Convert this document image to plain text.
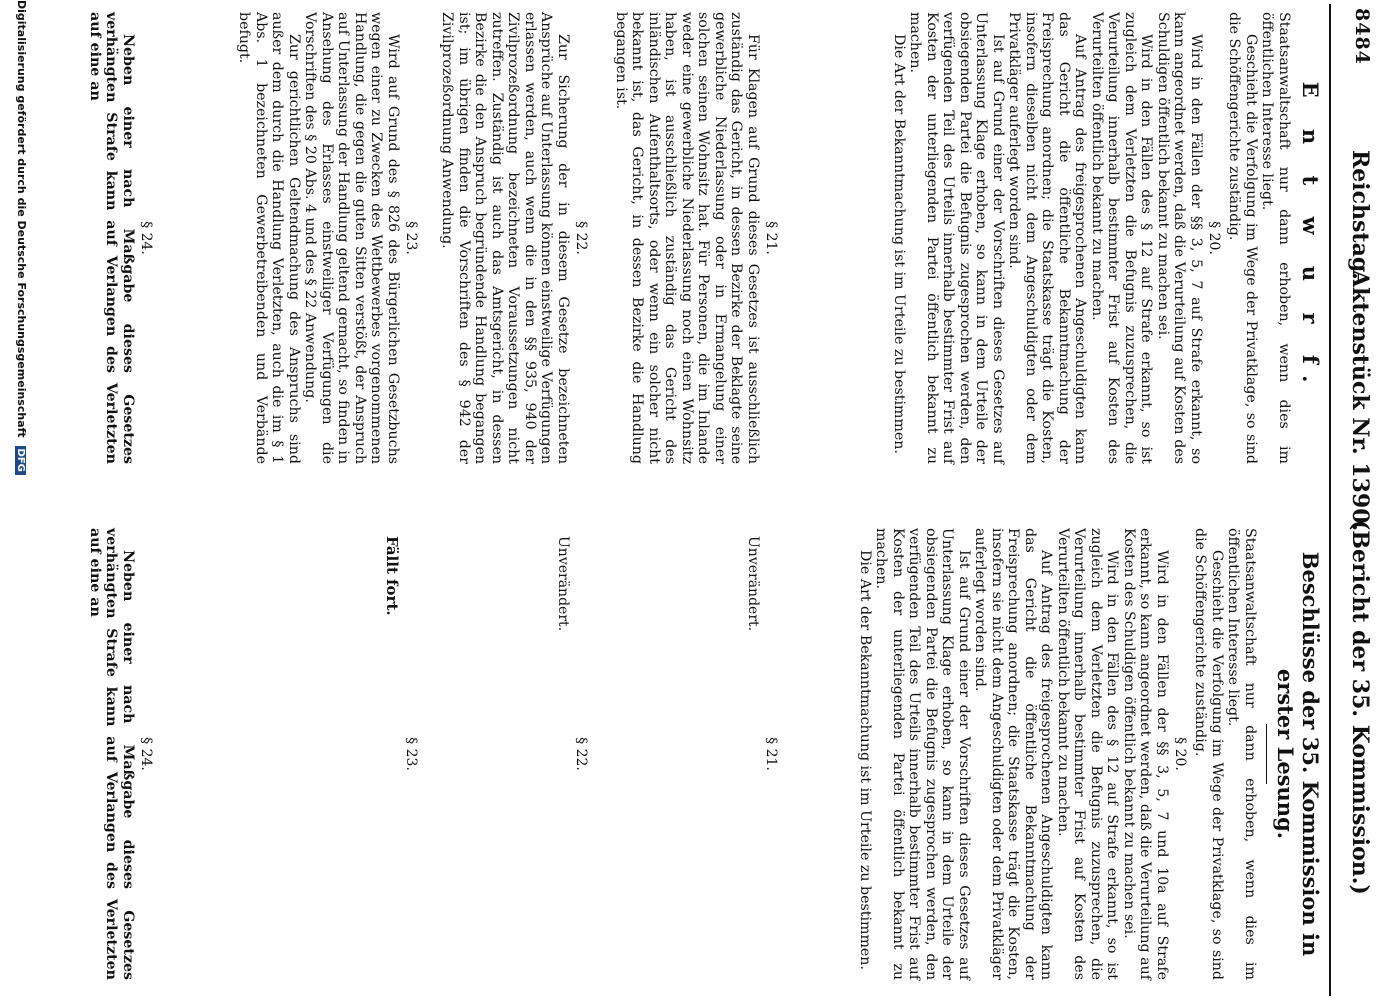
8484
Reichstag.
Aktenstück Nr. 1390.
(Bericht der 35. Kommission.)
E n t w u r f.

Staatsanwaltschaft nur dann erhoben, wenn dies im öffentlichen Interesse liegt.

Geschieht die Verfolgung im Wege der Privatklage, so sind die Schöffengerichte zuständig.

§ 20.

Wird in den Fällen der §§ 3, 5, 7 auf Strafe erkannt, so kann angeordnet werden, daß die Verurteilung auf Kosten des Schuldigen öffentlich bekannt zu machen sei.

Wird in den Fällen des § 12 auf Strafe erkannt, so ist zugleich dem Verletzten die Befugnis zuzusprechen, die Verurteilung innerhalb bestimmter Frist auf Kosten des Verurteilten öffentlich bekannt zu machen.

Auf Antrag des freigesprochenen Angeschuldigten kann das Gericht die öffentliche Bekanntmachung der Freisprechung anordnen; die Staatskasse trägt die Kosten, insofern dieselben nicht dem Angeschuldigten oder dem Privatkläger auferlegt worden sind.

Ist auf Grund einer der Vorschriften dieses Gesetzes auf Unterlassung Klage erhoben, so kann in dem Urteile der obsiegenden Partei die Befugnis zugesprochen werden, den verfügenden Teil des Urteils innerhalb bestimmter Frist auf Kosten der unterliegenden Partei öffentlich bekannt zu machen.

Die Art der Bekanntmachung ist im Urteile zu bestimmen.

§ 21.

Für Klagen auf Grund dieses Gesetzes ist ausschließlich zuständig das Gericht, in dessen Bezirke der Beklagte seine gewerbliche Niederlassung oder in Ermangelung einer solchen seinen Wohnsitz hat. Für Personen, die im Inlande weder eine gewerbliche Niederlassung noch einen Wohnsitz haben, ist ausschließlich zuständig das Gericht des inländischen Aufenthaltsorts, oder wenn ein solcher nicht bekannt ist, das Gericht, in dessen Bezirke die Handlung begangen ist.

§ 22.

Zur Sicherung der in diesem Gesetze bezeichneten Ansprüche auf Unterlassung können einstweilige Verfügungen erlassen werden, auch wenn die in den §§ 935, 940 der Zivilprozeßordnung bezeichneten Voraussetzungen nicht zutreffen. Zuständig ist auch das Amtsgericht, in dessen Bezirke die den Anspruch begründende Handlung begangen ist; im übrigen finden die Vorschriften des § 942 der Zivilprozeßordnung Anwendung.

§ 23.

Wird auf Grund des § 826 des Bürgerlichen Gesetzbuchs wegen einer zu Zwecken des Wettbewerbes vorgenommenen Handlung, die gegen die guten Sitten verstößt, der Anspruch auf Unterlassung der Handlung geltend gemacht, so finden in Ansehung des Erlasses einstweiliger Verfügungen die Vorschriften des § 20 Abs. 4 und des § 22 Anwendung.

Zur gerichtlichen Geltendmachung des Anspruchs sind außer dem durch die Handlung Verletzten, auch die im § 1 Abs. 1 bezeichneten Gewerbetreibenden und Verbände befugt.

§ 24.

Neben einer nach Maßgabe dieses Gesetzes verhängten Strafe kann auf Verlangen des Verletzten auf eine an

Beschlüsse der 35. Kommission in erster Lesung.

Staatsanwaltschaft nur dann erhoben, wenn dies im öffentlichen Interesse liegt.

Geschieht die Verfolgung im Wege der Privatklage, so sind die Schöffengerichte zuständig.

§ 20.

Wird in den Fällen der §§ 3, 5, 7 und 10a auf Strafe erkannt, so kann angeordnet werden, daß die Verurteilung auf Kosten des Schuldigen öffentlich bekannt zu machen sei.

Wird in den Fällen des § 12 auf Strafe erkannt, so ist zugleich dem Verletzten die Befugnis zuzusprechen, die Verurteilung innerhalb bestimmter Frist auf Kosten des Verurteilten öffentlich bekannt zu machen.

Auf Antrag des freigesprochenen Angeschuldigten kann das Gericht die öffentliche Bekanntmachung der Freisprechung anordnen; die Staatskasse trägt die Kosten, insofern sie nicht dem Angeschuldigten oder dem Privatkläger auferlegt worden sind.

Ist auf Grund einer der Vorschriften dieses Gesetzes auf Unterlassung Klage erhoben, so kann in dem Urteile der obsiegenden Partei die Befugnis zugesprochen werden, den verfügenden Teil des Urteils innerhalb bestimmter Frist auf Kosten der unterliegenden Partei öffentlich bekannt zu machen.

Die Art der Bekanntmachung ist im Urteile zu bestimmen.

§ 21.
Unverändert.
§ 22.
Unverändert.
§ 23.
Fällt fort.
§ 24.

Neben einer nach Maßgabe dieses Gesetzes verhängten Strafe kann auf Verlangen des Verletzten auf eine an

Digitalisierung gefördert durch die Deutsche Forschungsgemeinschaft DFG
